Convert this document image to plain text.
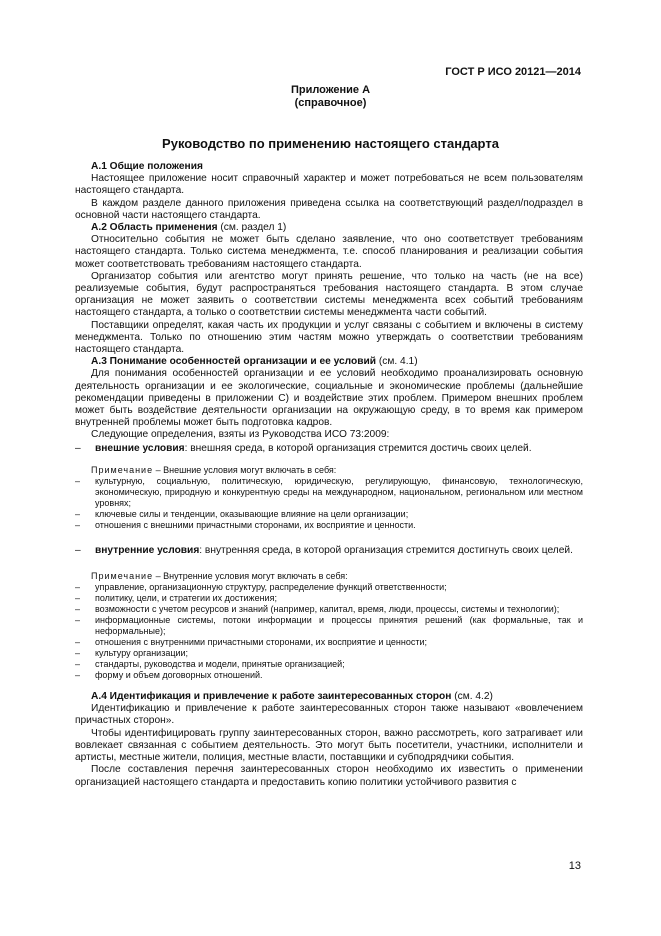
ГОСТ Р ИСО 20121—2014
Приложение А
(справочное)
Руководство по применению настоящего стандарта

А.1 Общие положения

Настоящее приложение носит справочный характер и может потребоваться не всем пользователям настоящего стандарта.

В каждом разделе данного приложения приведена ссылка на соответствующий раздел/подраздел в основной части настоящего стандарта.

А.2 Область применения (см. раздел 1)

Относительно события не может быть сделано заявление, что оно соответствует требованиям настоящего стандарта. Только система менеджмента, т.е. способ планирования и реализации события может соответствовать требованиям настоящего стандарта.

Организатор события или агентство могут принять решение, что только на часть (не на все) реализуемые события, будут распространяться требования настоящего стандарта. В этом случае организация не может заявить о соответствии системы менеджмента всех событий требованиям настоящего стандарта, а только о соответствии системы менеджмента части событий.

Поставщики определят, какая часть их продукции и услуг связаны с событием и включены в систему менеджмента. Только по отношению этим частям можно утверждать о соответствии требованиям настоящего стандарта.

А.3 Понимание особенностей организации и ее условий (см. 4.1)

Для понимания особенностей организации и ее условий необходимо проанализировать основную деятельность организации и ее экологические, социальные и экономические проблемы (дальнейшие рекомендации приведены в приложении С) и воздействие этих проблем. Примером внешних проблем может быть воздействие деятельности организации на окружающую среду, в то время как примером внутренней проблемы может быть подготовка кадров.

Следующие определения, взяты из Руководства ИСО 73:2009:

–	внешние условия: внешняя среда, в которой организация стремится достичь своих целей.

Примечание – Внешние условия могут включать в себя:

–	культурную, социальную, политическую, юридическую, регулирующую, финансовую, технологическую, экономическую, природную и конкурентную среды на международном, национальном, региональном или местном уровнях;
–	ключевые силы и тенденции, оказывающие влияние на цели организации;
–	отношения с внешними причастными сторонами, их восприятие и ценности.
–	внутренние условия: внутренняя среда, в которой организация стремится достигнуть своих целей.

Примечание – Внутренние условия могут включать в себя:

–	управление, организационную структуру, распределение функций ответственности;
–	политику, цели, и стратегии их достижения;
–	возможности с учетом ресурсов и знаний (например, капитал, время, люди, процессы, системы и технологии);
–	информационные системы, потоки информации и процессы принятия решений (как формальные, так и неформальные);
–	отношения с внутренними причастными сторонами, их восприятие и ценности;
–	культуру организации;
–	стандарты, руководства и модели, принятые организацией;
–	форму и объем договорных отношений.

А.4 Идентификация и привлечение к работе заинтересованных сторон (см. 4.2)

Идентификацию и привлечение к работе заинтересованных сторон также называют «вовлечением причастных сторон».

Чтобы идентифицировать группу заинтересованных сторон, важно рассмотреть, кого затрагивает или вовлекает связанная с событием деятельность. Это могут быть посетители, участники, исполнители и артисты, местные жители, полиция, местные власти, поставщики и субподрядчики события.

После составления перечня заинтересованных сторон необходимо их известить о применении организацией настоящего стандарта и предоставить копию политики устойчивого развития с

13
